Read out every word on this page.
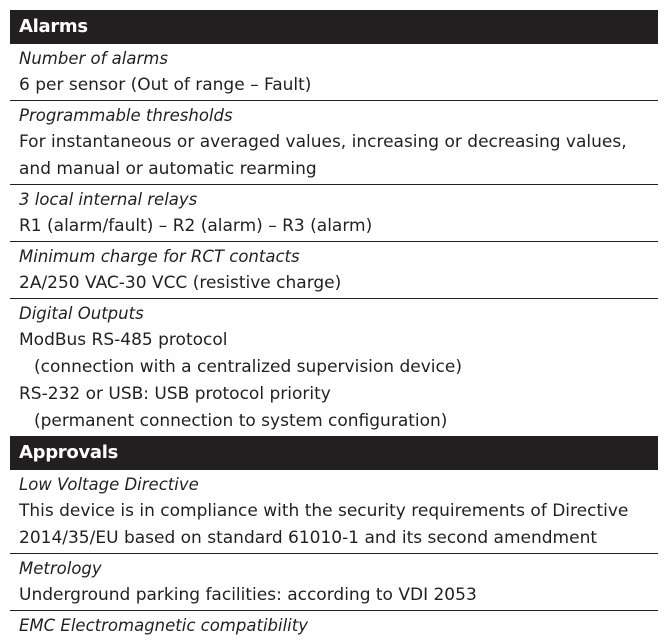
Alarms
Number of alarms
6 per sensor (Out of range – Fault)
Programmable thresholds
For instantaneous or averaged values, increasing or decreasing values, and manual or automatic rearming
3 local internal relays
R1 (alarm/fault) – R2 (alarm) – R3 (alarm)
Minimum charge for RCT contacts
2A/250 VAC-30 VCC (resistive charge)
Digital Outputs
ModBus RS-485 protocol
(connection with a centralized supervision device)
RS-232 or USB: USB protocol priority
(permanent connection to system configuration)
Approvals
Low Voltage Directive
This device is in compliance with the security requirements of Directive
2014/35/EU based on standard 61010-1 and its second amendment
Metrology
Underground parking facilities: according to VDI 2053
EMC Electromagnetic compatibility
